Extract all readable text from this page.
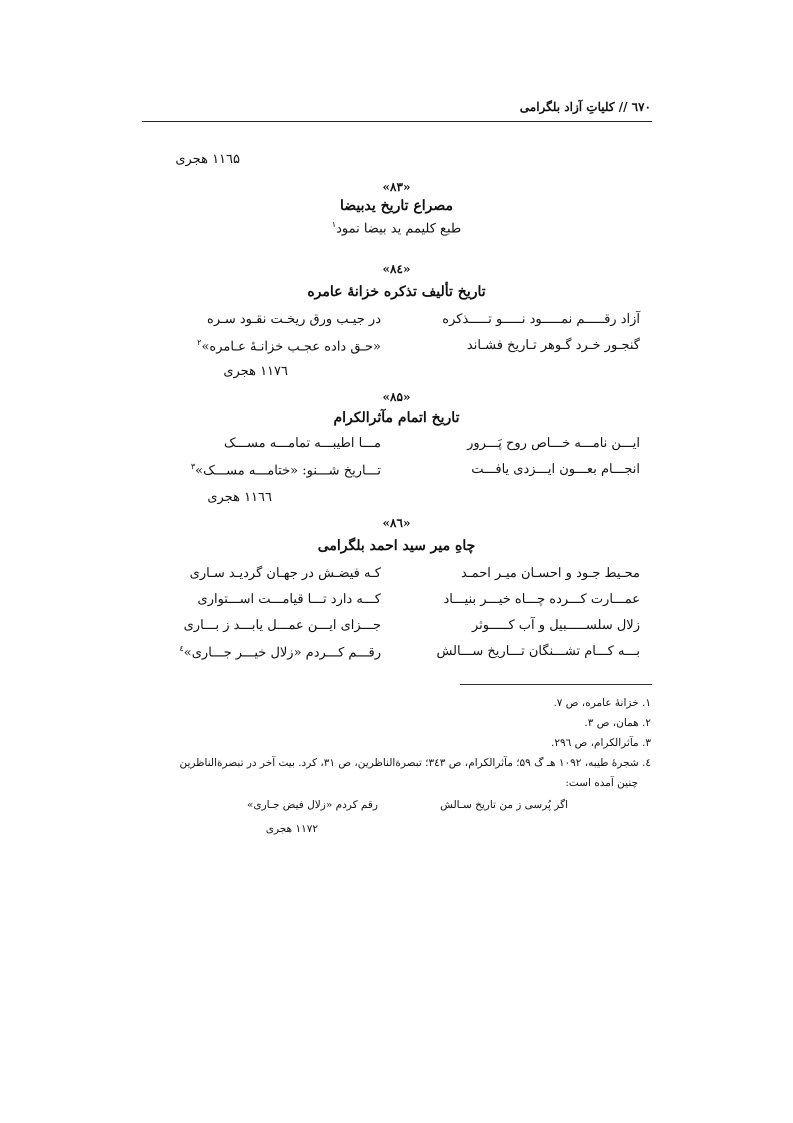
٦٧٠ // کلیاتِ آزاد بلگرامی
۱۱٦۵ هجری
«۸۳»
مصراع تاریخ یدبیضا
طبع کلیمم ید بیضا نمود$^۱$
«۸٤»
تاریخ تألیف تذکره خزانهٔ عامره
آزاد رقـــــم نمـــــود نـــــو تـــــذکره
در جیـب ورق ریخـت نقـود سـره
گنجـور خـرد گـوهر تـاریخ فشـاند
«حـق داده عجـب خزانـهٔ عـامره»$^۲$
۱۱۷٦ هجری
«۸۵»
تاریخ اتمام مآثرالکرام
ایـــن نامـــه خـــاص روح پَـــرور
مـــا اطیبـــه تمامـــه مســـک
انجـــام بعـــون ایـــزدی یافـــت
تـــاریخ شـــنو: «ختامـــه مســـک»$^۳$
۱۱٦٦ هجری
«۸٦»
چاهِ میر سید احمد بلگرامی
محـیط جـود و احسـان میـر احمـد
کـه فیضـش در جهـان گردیـد سـاری
عمـــارت کـــرده چـــاه خیـــر بنیـــاد
کـــه دارد تـــا قیامـــت اســـتواری
زلال سلســـــبیل و آب کـــــوثر
جـــزای ایـــن عمـــل یابـــد ز بـــاری
بـــه کـــام تشـــنگان تـــاریخ ســـالش
رقـــم کـــردم «زلال خیـــر جـــاری»$^٤$
۱. خزانهٔ عامره، ص ۷.
۲. همان، ص ۳.
۳. مآثرالکرام، ص ۲۹٦.
٤. شجرهٔ طیبه، ۱۰۹۲ هـ گ ۵۹؛ مآثرالکرام، ص ۳٤۳؛ تبصرةالناظرین، ص ۳۱، کرد. بیت آخر در تبصرةالناظرین
چنین آمده است:
اگر پُرسی ز من تاریخ سـالش
رقم کردم «زلال فیض جـاری»
۱۱۷۲ هجری
